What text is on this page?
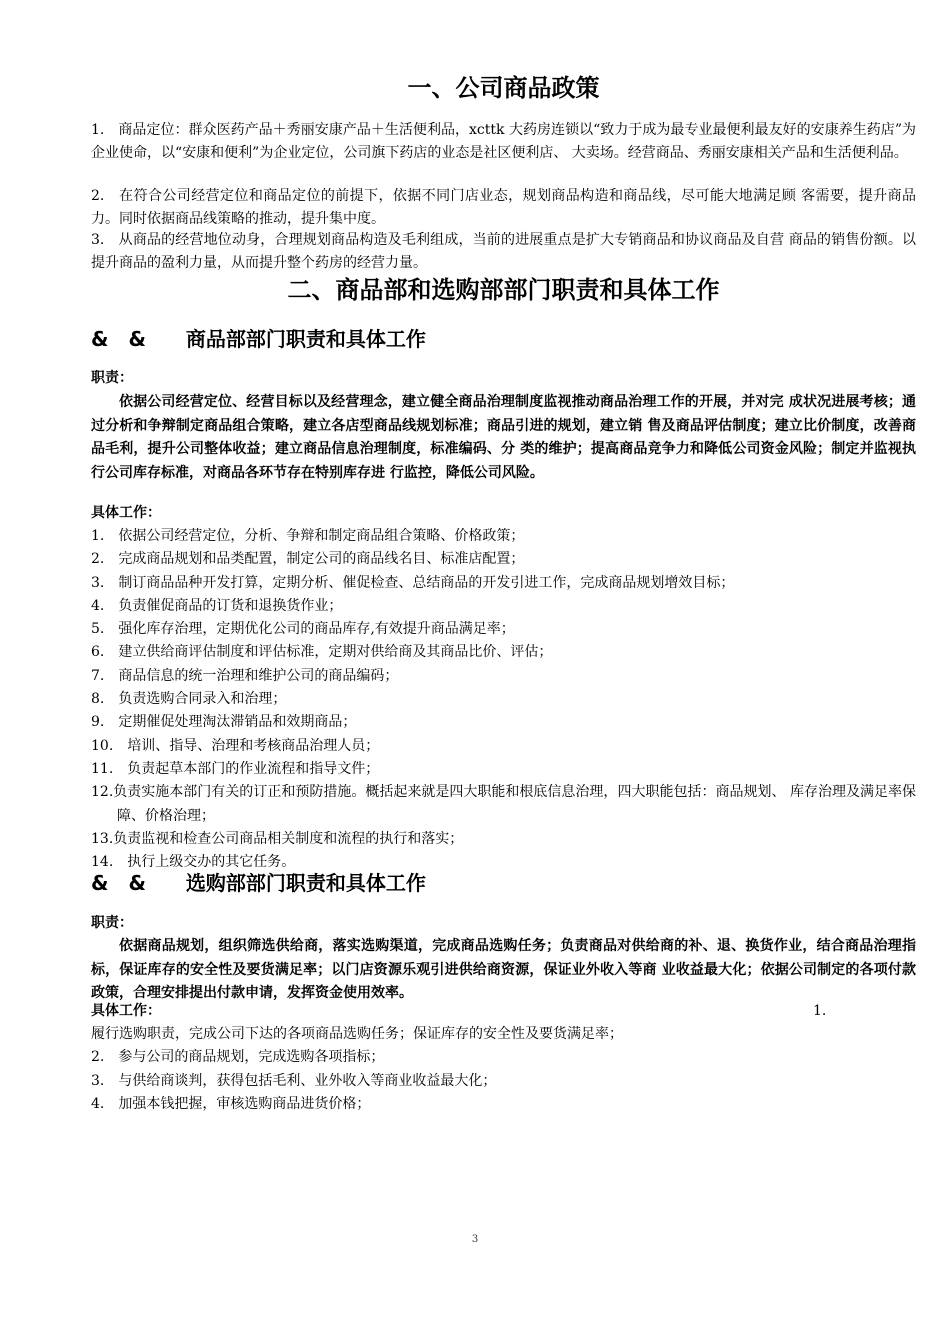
一、公司商品政策
1.　商品定位：群众医药产品＋秀丽安康产品＋生活便利品，xcttk 大药房连锁以“致力于成为最专业最便利最友好的安康养生药店”为企业使命，以“安康和便利”为企业定位，公司旗下药店的业态是社区便利店、 大卖场。经营商品、秀丽安康相关产品和生活便利品。
2.　在符合公司经营定位和商品定位的前提下，依据不同门店业态，规划商品构造和商品线，尽可能大地满足顾 客需要，提升商品力。同时依据商品线策略的推动，提升集中度。
3.　从商品的经营地位动身，合理规划商品构造及毛利组成，当前的进展重点是扩大专销商品和协议商品及自营 商品的销售份额。以提升商品的盈利力量，从而提升整个药房的经营力量。
二、商品部和选购部部门职责和具体工作
&　&　　商品部部门职责和具体工作
职责：
依据公司经营定位、经营目标以及经营理念，建立健全商品治理制度监视推动商品治理工作的开展，并对完 成状况进展考核；通过分析和争辩制定商品组合策略，建立各店型商品线规划标准；商品引进的规划，建立销 售及商品评估制度；建立比价制度，改善商品毛利，提升公司整体收益；建立商品信息治理制度，标准编码、分 类的维护；提高商品竞争力和降低公司资金风险；制定并监视执行公司库存标准，对商品各环节存在特别库存进 行监控，降低公司风险。
具体工作：
1.　依据公司经营定位，分析、争辩和制定商品组合策略、价格政策；
2.　完成商品规划和品类配置，制定公司的商品线名目、标准店配置；
3.　制订商品品种开发打算，定期分析、催促检查、总结商品的开发引进工作，完成商品规划增效目标；
4.　负责催促商品的订货和退换货作业；
5.　强化库存治理，定期优化公司的商品库存,有效提升商品满足率；
6.　建立供给商评估制度和评估标准，定期对供给商及其商品比价、评估；
7.　商品信息的统一治理和维护公司的商品编码；
8.　负责选购合同录入和治理；
9.　定期催促处理淘汰滞销品和效期商品；
10.　培训、指导、治理和考核商品治理人员；
11.　负责起草本部门的作业流程和指导文件；
12.负责实施本部门有关的订正和预防措施。概括起来就是四大职能和根底信息治理，四大职能包括：商品规划、 库存治理及满足率保障、价格治理；
13.负责监视和检查公司商品相关制度和流程的执行和落实；
14.　执行上级交办的其它任务。
&　&　　选购部部门职责和具体工作
职责：
依据商品规划，组织筛选供给商，落实选购渠道，完成商品选购任务；负责商品对供给商的补、退、换货作业，结合商品治理指标，保证库存的安全性及要货满足率；以门店资源乐观引进供给商资源，保证业外收入等商 业收益最大化；依据公司制定的各项付款政策，合理安排提出付款申请，发挥资金使用效率。
具体工作：	1.
履行选购职责，完成公司下达的各项商品选购任务；保证库存的安全性及要货满足率；
2.　参与公司的商品规划，完成选购各项指标；
3.　与供给商谈判，获得包括毛利、业外收入等商业收益最大化；
4.　加强本钱把握，审核选购商品进货价格；
3
